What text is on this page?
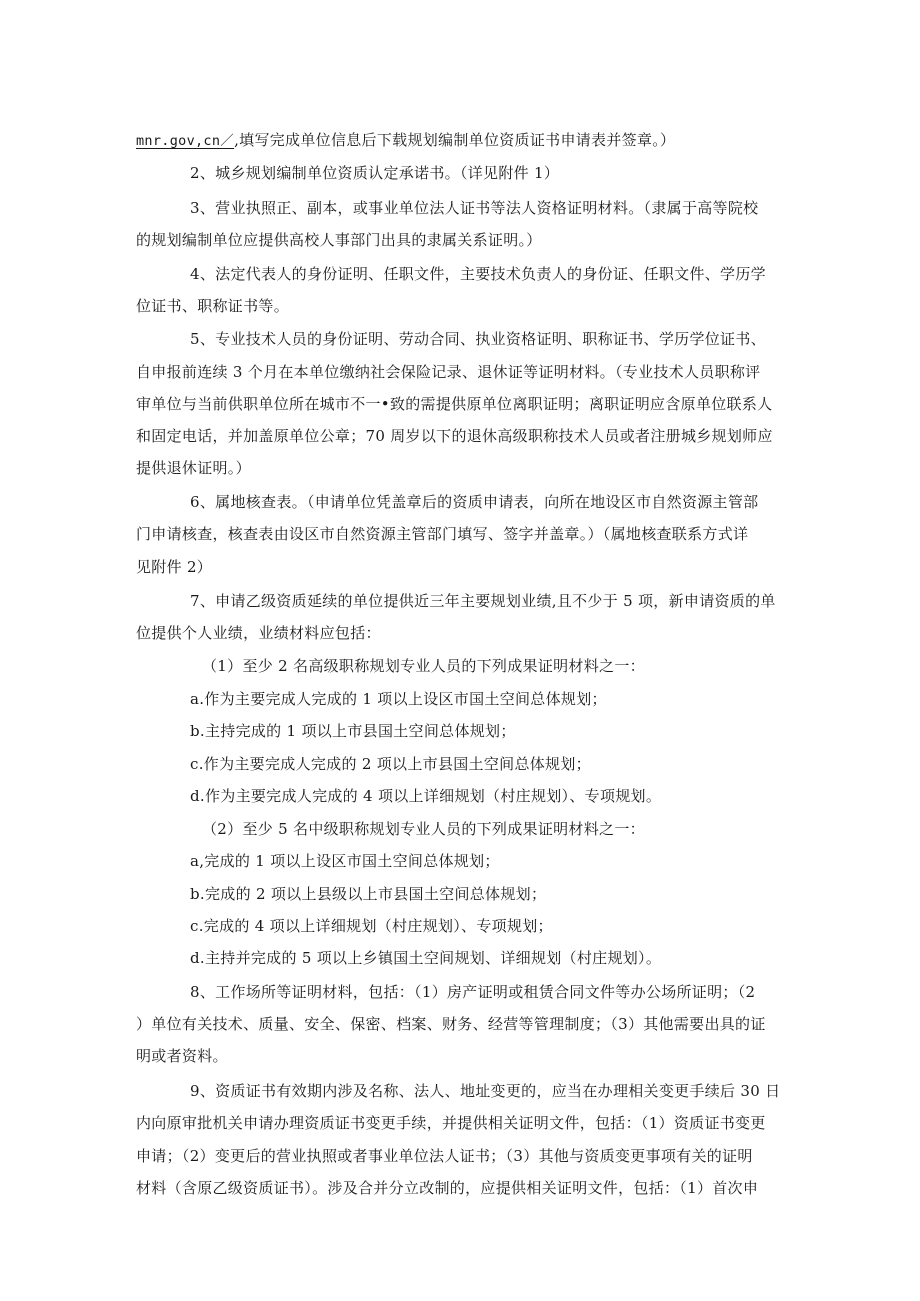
mnr.gov,cn／,填写完成单位信息后下载规划编制单位资质证书申请表并签章。）

2、城乡规划编制单位资质认定承诺书。（详见附件 1）

3、营业执照正、副本，或事业单位法人证书等法人资格证明材料。（隶属于高等院校

的规划编制单位应提供高校人事部门出具的隶属关系证明。）

4、法定代表人的身份证明、任职文件，主要技术负责人的身份证、任职文件、学历学

位证书、职称证书等。

5、专业技术人员的身份证明、劳动合同、执业资格证明、职称证书、学历学位证书、

自申报前连续 3 个月在本单位缴纳社会保险记录、退休证等证明材料。（专业技术人员职称评

审单位与当前供职单位所在城市不一•致的需提供原单位离职证明；离职证明应含原单位联系人

和固定电话，并加盖原单位公章；70 周岁以下的退休高级职称技术人员或者注册城乡规划师应

提供退休证明。）

6、属地核查表。（申请单位凭盖章后的资质申请表，向所在地设区市自然资源主管部

门申请核查，核查表由设区市自然资源主管部门填写、签字并盖章。）（属地核查联系方式详

见附件 2）

7、申请乙级资质延续的单位提供近三年主要规划业绩,且不少于 5 项，新申请资质的单

位提供个人业绩，业绩材料应包括：

（1）至少 2 名高级职称规划专业人员的下列成果证明材料之一：

a.作为主要完成人完成的 1 项以上设区市国土空间总体规划；

b.主持完成的 1 项以上市县国土空间总体规划；

c.作为主要完成人完成的 2 项以上市县国土空间总体规划；

d.作为主要完成人完成的 4 项以上详细规划（村庄规划）、专项规划。

（2）至少 5 名中级职称规划专业人员的下列成果证明材料之一：

a,完成的 1 项以上设区市国土空间总体规划；

b.完成的 2 项以上县级以上市县国土空间总体规划；

c.完成的 4 项以上详细规划（村庄规划）、专项规划；

d.主持并完成的 5 项以上乡镇国土空间规划、详细规划（村庄规划）。

8、工作场所等证明材料，包括：（1）房产证明或租赁合同文件等办公场所证明；（2

）单位有关技术、质量、安全、保密、档案、财务、经营等管理制度；（3）其他需要出具的证

明或者资料。

9、资质证书有效期内涉及名称、法人、地址变更的，应当在办理相关变更手续后 30 日

内向原审批机关申请办理资质证书变更手续，并提供相关证明文件，包括：（1）资质证书变更

申请；（2）变更后的营业执照或者事业单位法人证书；（3）其他与资质变更事项有关的证明

材料（含原乙级资质证书）。涉及合并分立改制的，应提供相关证明文件，包括：（1）首次申
